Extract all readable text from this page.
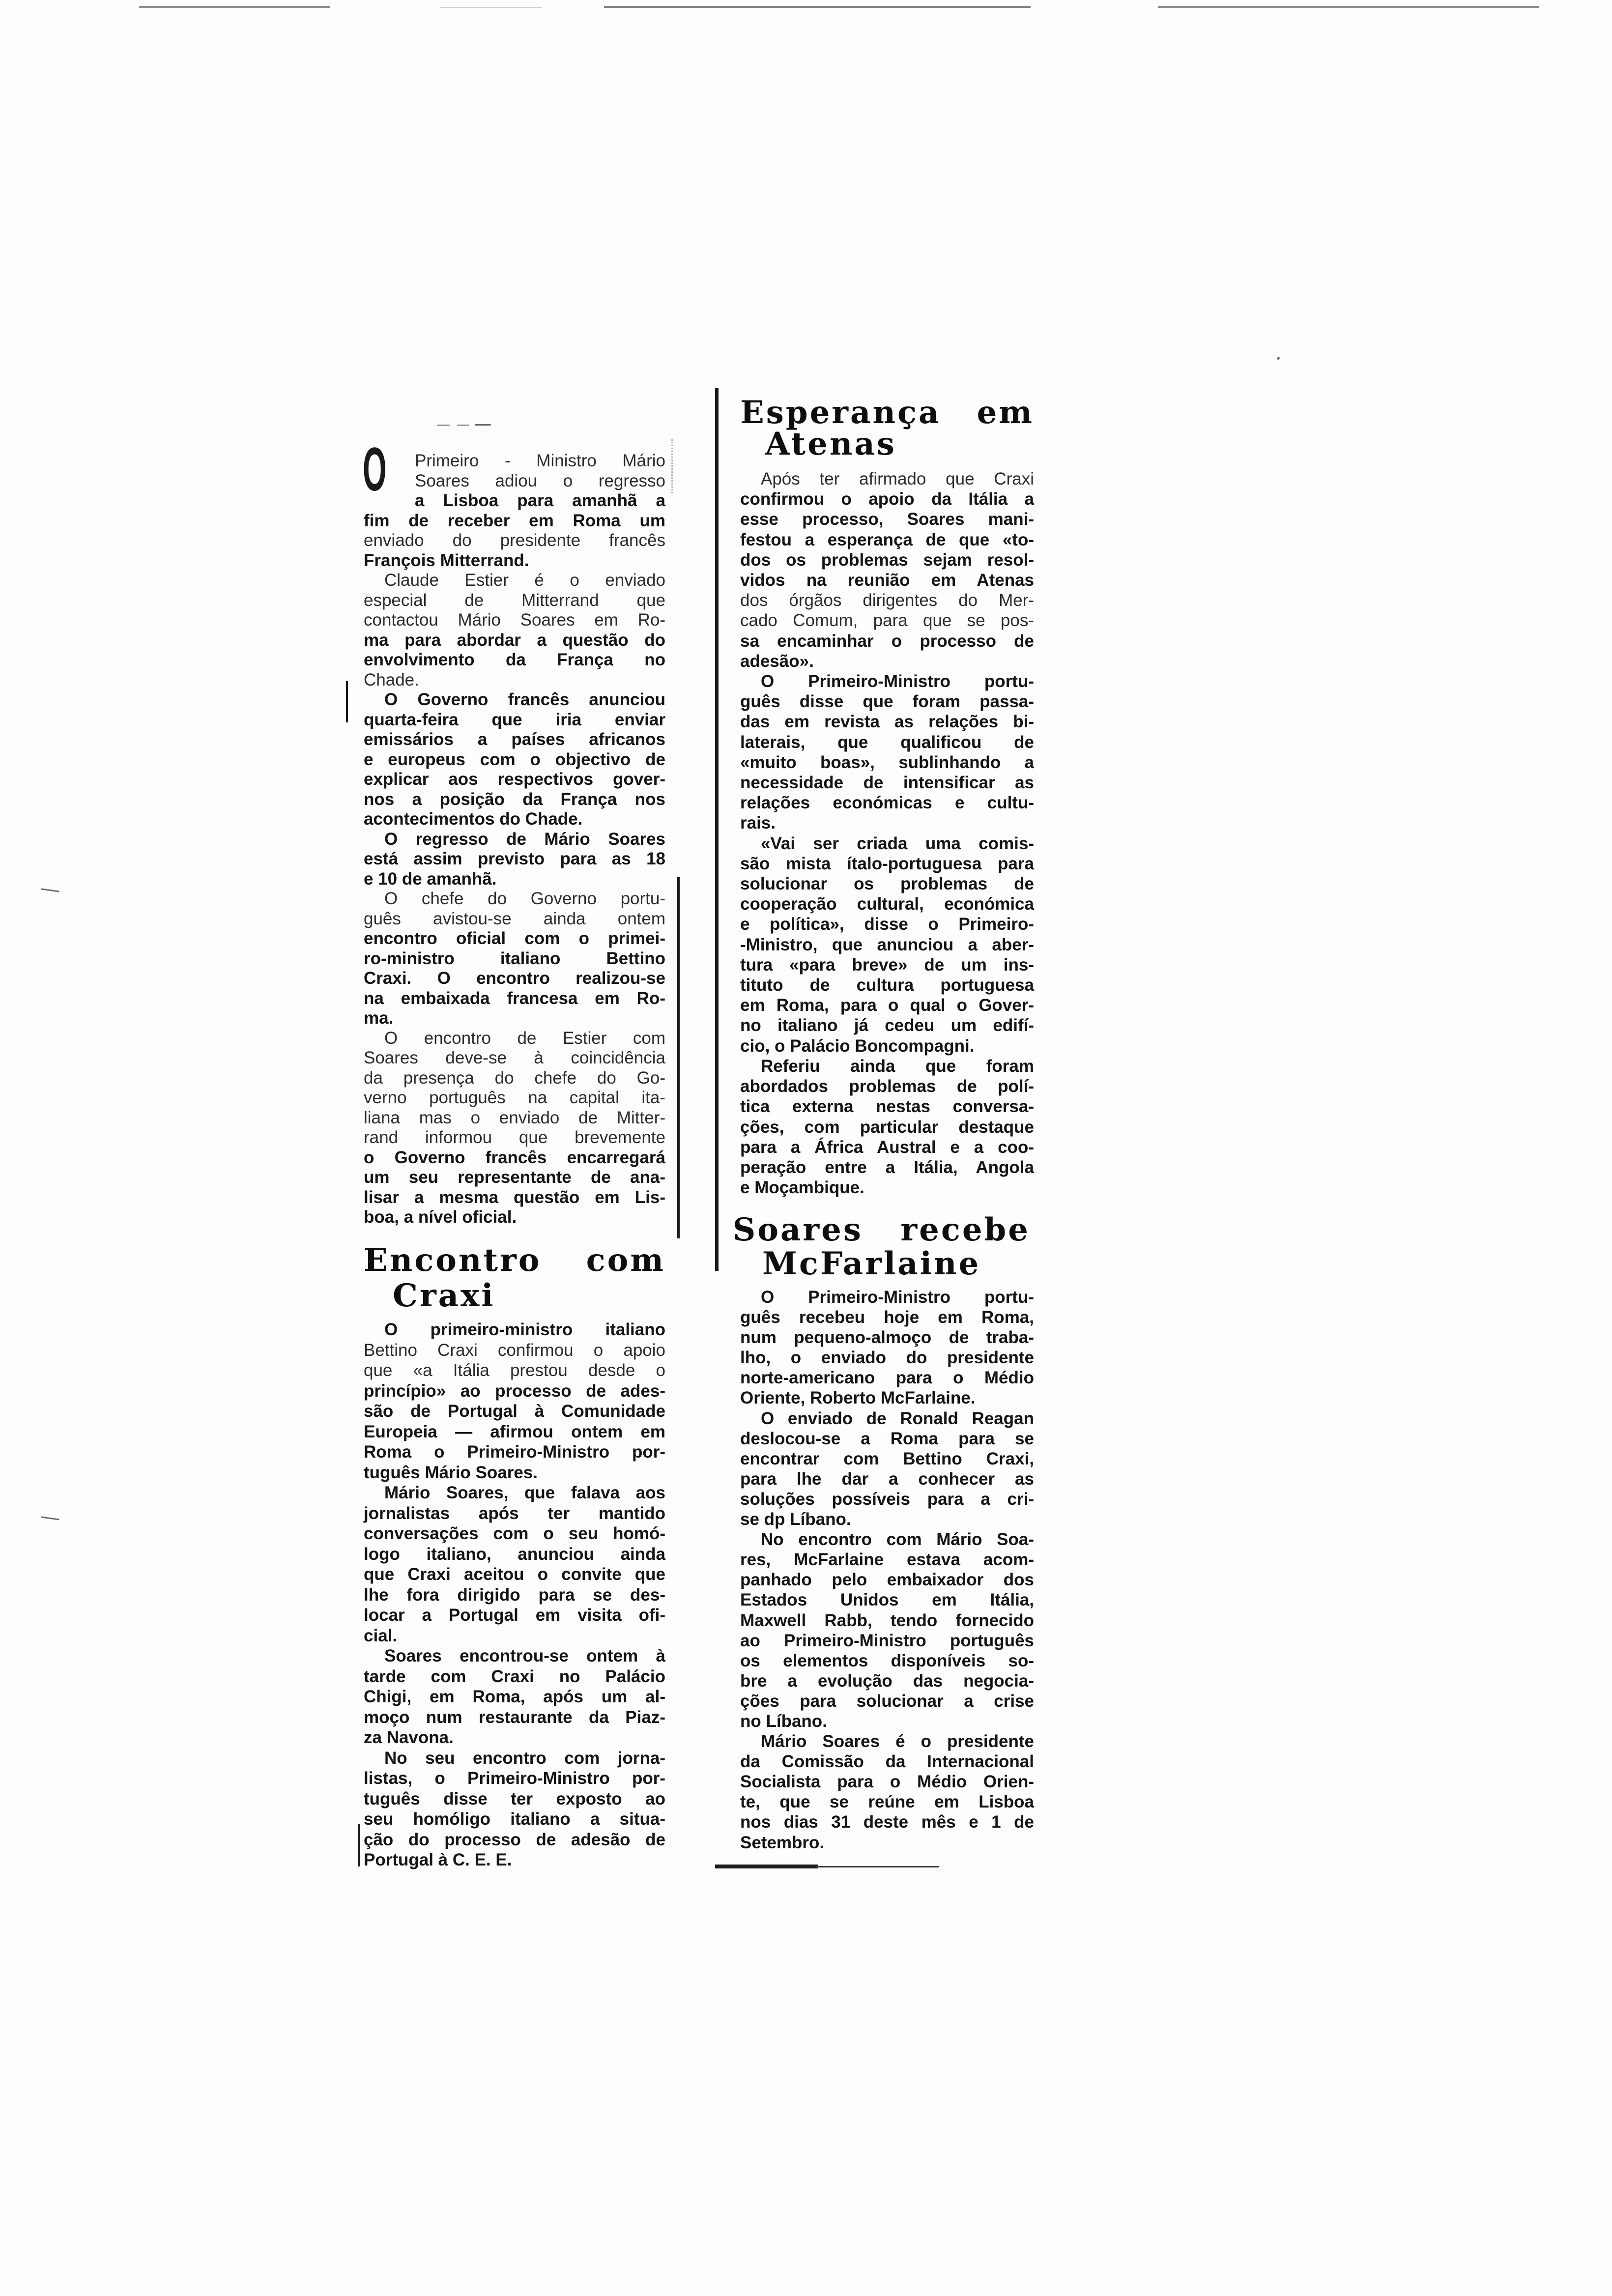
O	Primeiro - Ministro Mário
Soares adiou o regresso
a Lisboa para amanhã a
fim de receber em Roma um
enviado do presidente francês
François Mitterrand.
Claude Estier é o enviado
especial de Mitterrand que
contactou Mário Soares em Ro-
ma para abordar a questão do
envolvimento da França no
Chade.
O Governo francês anunciou
quarta-feira que iria enviar
emissários a países africanos
e europeus com o objectivo de
explicar aos respectivos gover-
nos a posição da França nos
acontecimentos do Chade.
O regresso de Mário Soares
está assim previsto para as 18
e 10 de amanhã.
O chefe do Governo portu-
guês avistou-se ainda ontem
encontro oficial com o primei-
ro-ministro italiano Bettino
Craxi. O encontro realizou-se
na embaixada francesa em Ro-
ma.
O encontro de Estier com
Soares deve-se à coincidência
da presença do chefe do Go-
verno português na capital ita-
liana mas o enviado de Mitter-
rand informou que brevemente
o Governo francês encarregará
um seu representante de ana-
lisar a mesma questão em Lis-
boa, a nível oficial.
Encontro com
Craxi
O primeiro-ministro italiano
Bettino Craxi confirmou o apoio
que «a Itália prestou desde o
princípio» ao processo de ades-
são de Portugal à Comunidade
Europeia — afirmou ontem em
Roma o Primeiro-Ministro por-
tuguês Mário Soares.
Mário Soares, que falava aos
jornalistas após ter mantido
conversações com o seu homó-
logo italiano, anunciou ainda
que Craxi aceitou o convite que
lhe fora dirigido para se des-
locar a Portugal em visita ofi-
cial.
Soares encontrou-se ontem à
tarde com Craxi no Palácio
Chigi, em Roma, após um al-
moço num restaurante da Piaz-
za Navona.
No seu encontro com jorna-
listas, o Primeiro-Ministro por-
tuguês disse ter exposto ao
seu homóligo italiano a situa-
ção do processo de adesão de
Portugal à C. E. E.
Esperança em
Atenas
Após ter afirmado que Craxi
confirmou o apoio da Itália a
esse processo, Soares mani-
festou a esperança de que «to-
dos os problemas sejam resol-
vidos na reunião em Atenas
dos órgãos dirigentes do Mer-
cado Comum, para que se pos-
sa encaminhar o processo de
adesão».
O Primeiro-Ministro portu-
guês disse que foram passa-
das em revista as relações bi-
laterais, que qualificou de
«muito boas», sublinhando a
necessidade de intensificar as
relações económicas e cultu-
rais.
«Vai ser criada uma comis-
são mista ítalo-portuguesa para
solucionar os problemas de
cooperação cultural, económica
e política», disse o Primeiro-
-Ministro, que anunciou a aber-
tura «para breve» de um ins-
tituto de cultura portuguesa
em Roma, para o qual o Gover-
no italiano já cedeu um edifí-
cio, o Palácio Boncompagni.
Referiu ainda que foram
abordados problemas de polí-
tica externa nestas conversa-
ções, com particular destaque
para a África Austral e a coo-
peração entre a Itália, Angola
e Moçambique.
Soares recebe
McFarlaine
O Primeiro-Ministro portu-
guês recebeu hoje em Roma,
num pequeno-almoço de traba-
lho, o enviado do presidente
norte-americano para o Médio
Oriente, Roberto McFarlaine.
O enviado de Ronald Reagan
deslocou-se a Roma para se
encontrar com Bettino Craxi,
para lhe dar a conhecer as
soluções possíveis para a cri-
se dp Líbano.
No encontro com Mário Soa-
res, McFarlaine estava acom-
panhado pelo embaixador dos
Estados Unidos em Itália,
Maxwell Rabb, tendo fornecido
ao Primeiro-Ministro português
os elementos disponíveis so-
bre a evolução das negocia-
ções para solucionar a crise
no Líbano.
Mário Soares é o presidente
da Comissão da Internacional
Socialista para o Médio Orien-
te, que se reúne em Lisboa
nos dias 31 deste mês e 1 de
Setembro.
